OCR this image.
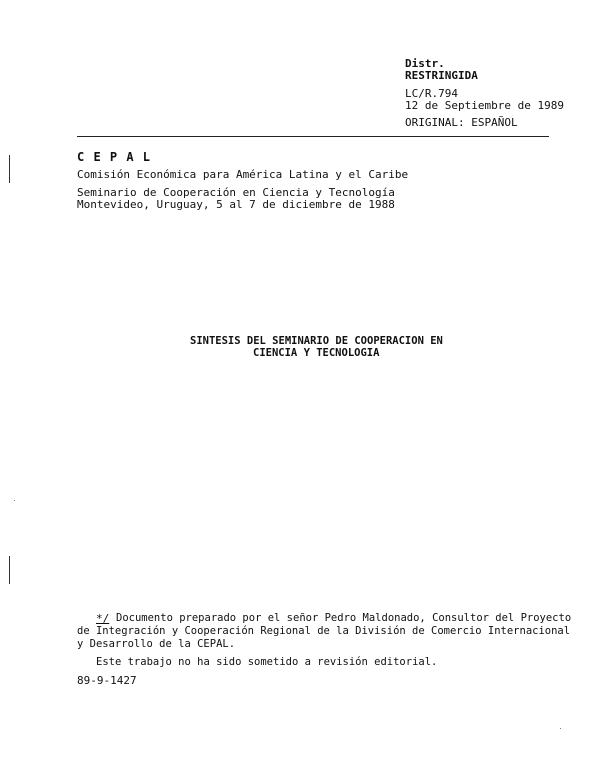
Distr.
RESTRINGIDA
LC/R.794
12 de Septiembre de 1989
ORIGINAL: ESPAÑOL
C E P A L
Comisión Económica para América Latina y el Caribe
Seminario de Cooperación en Ciencia y Tecnología
Montevideo, Uruguay, 5 al 7 de diciembre de 1988
SINTESIS DEL SEMINARIO DE COOPERACION EN
CIENCIA Y TECNOLOGIA
*/ Documento preparado por el señor Pedro Maldonado, Consultor del Proyecto
de Integración y Cooperación Regional de la División de Comercio Internacional
y Desarrollo de la CEPAL.
Este trabajo no ha sido sometido a revisión editorial.
89-9-1427
